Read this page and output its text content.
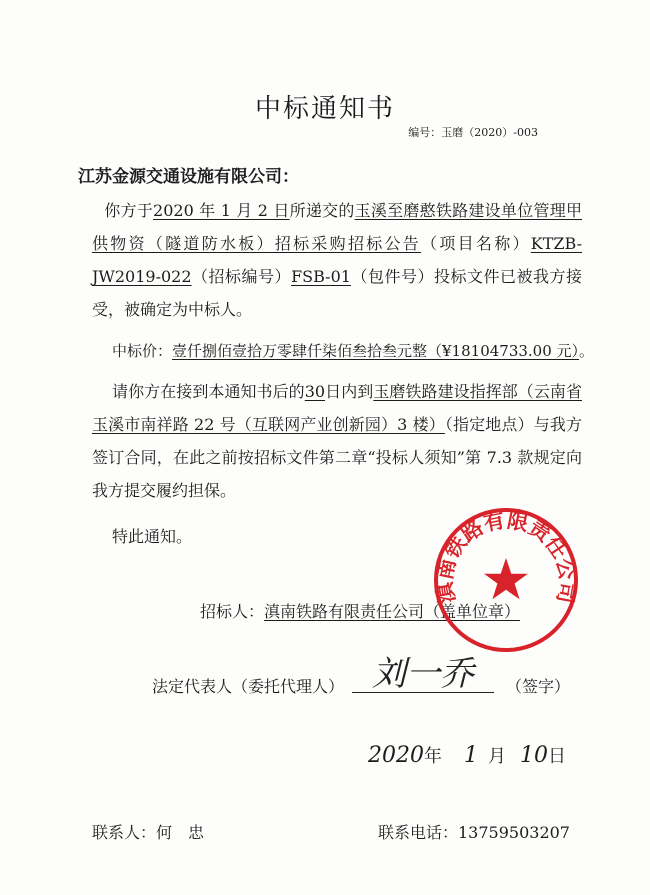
中标通知书
编号：玉磨（2020）-003
江苏金源交通设施有限公司：
你方于2020 年 1 月 2 日所递交的玉溪至磨憨铁路建设单位管理甲供物资（隧道防水板）招标采购招标公告（项目名称）KTZB-JW2019-022（招标编号）FSB-01（包件号）投标文件已被我方接受，被确定为中标人。
中标价：壹仟捌佰壹拾万零肆仟柒佰叁拾叁元整（¥18104733.00 元）。
请你方在接到本通知书后的30日内到玉磨铁路建设指挥部（云南省玉溪市南祥路 22 号（互联网产业创新园）3 楼）（指定地点）与我方签订合同，在此之前按招标文件第二章“投标人须知”第 7.3 款规定向我方提交履约担保。
特此通知。
招标人：滇南铁路有限责任公司（盖单位章）
滇南铁路有限责任公司
法定代表人（委托代理人） 刘一乔 （签字）
2020年 1 月 10日
联系人：何　忠	联系电话：13759503207
